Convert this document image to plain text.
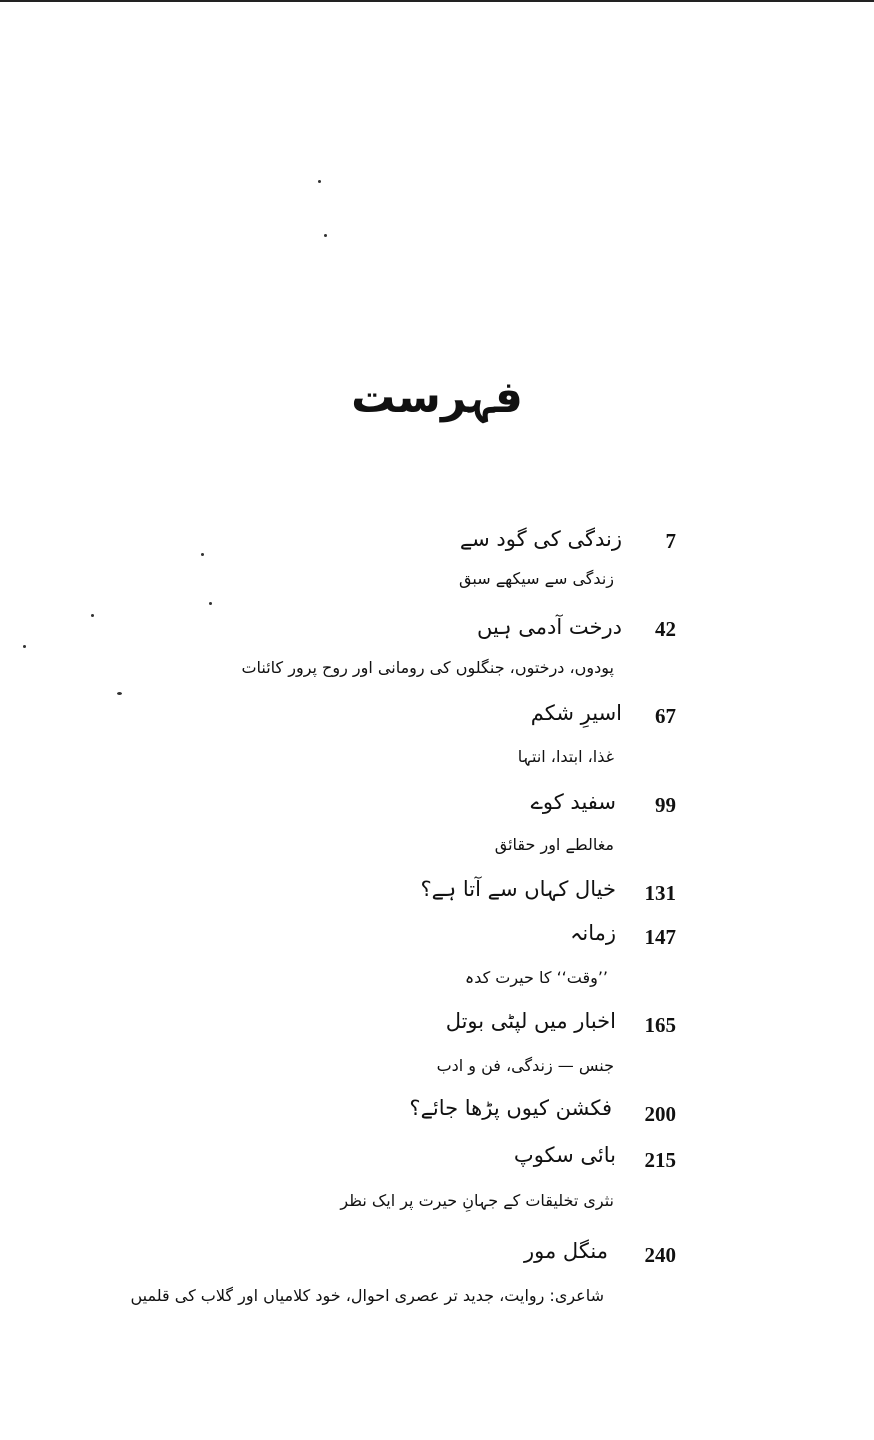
فہرست
7
زندگی کی گود سے
زندگی سے سیکھے سبق
42
درخت آدمی ہیں
پودوں، درختوں، جنگلوں کی رومانی اور روح پرور کائنات
67
اسیرِ شکم
غذا، ابتدا، انتہا
99
سفید کوے
مغالطے اور حقائق
131
خیال کہاں سے آتا ہے؟
147
زمانہ
’’وقت‘‘ کا حیرت کدہ
165
اخبار میں لپٹی بوتل
جنس — زندگی، فن و ادب
200
فکشن کیوں پڑھا جائے؟
215
بائی سکوپ
نثری تخلیقات کے جہانِ حیرت پر ایک نظر
240
منگل مور
شاعری: روایت، جدید تر عصری احوال، خود کلامیاں اور گلاب کی قلمیں
